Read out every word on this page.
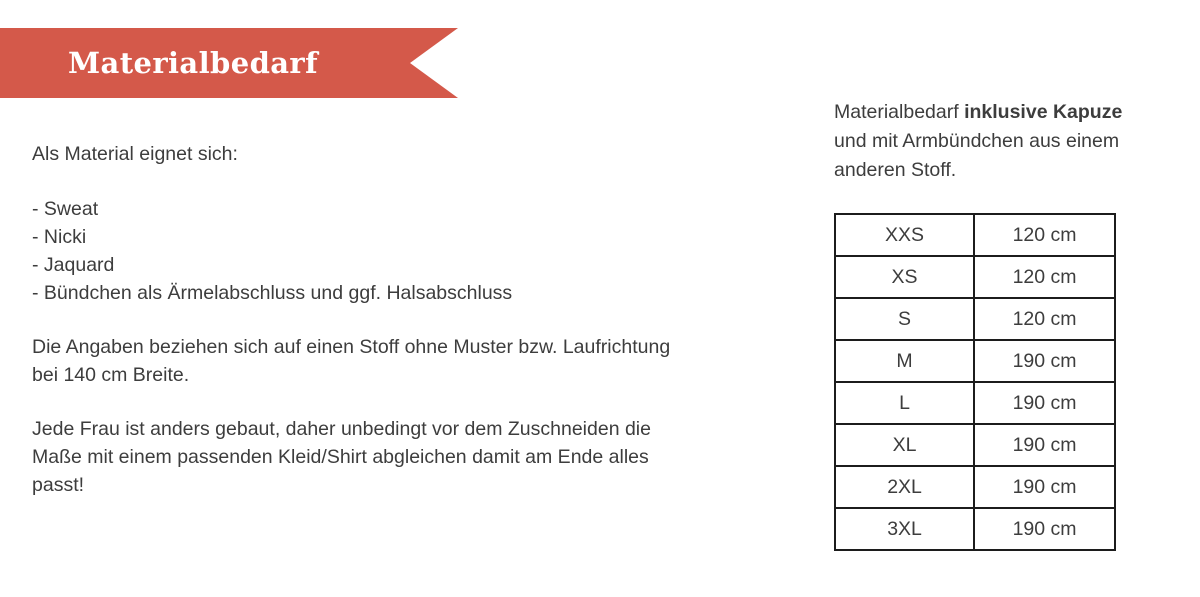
Materialbedarf
Als Material eignet sich:
- Sweat
- Nicki
- Jaquard
- Bündchen als Ärmelabschluss und ggf. Halsabschluss
Die Angaben beziehen sich auf einen Stoff ohne Muster bzw. Laufrichtung
bei 140 cm Breite.
Jede Frau ist anders gebaut, daher unbedingt vor dem Zuschneiden die
Maße mit einem passenden Kleid/Shirt abgleichen damit am Ende alles
passt!
Materialbedarf inklusive Kapuze und mit Armbündchen aus einem anderen Stoff.
XXS	120 cm
XS	120 cm
S	120 cm
M	190 cm
L	190 cm
XL	190 cm
2XL	190 cm
3XL	190 cm
